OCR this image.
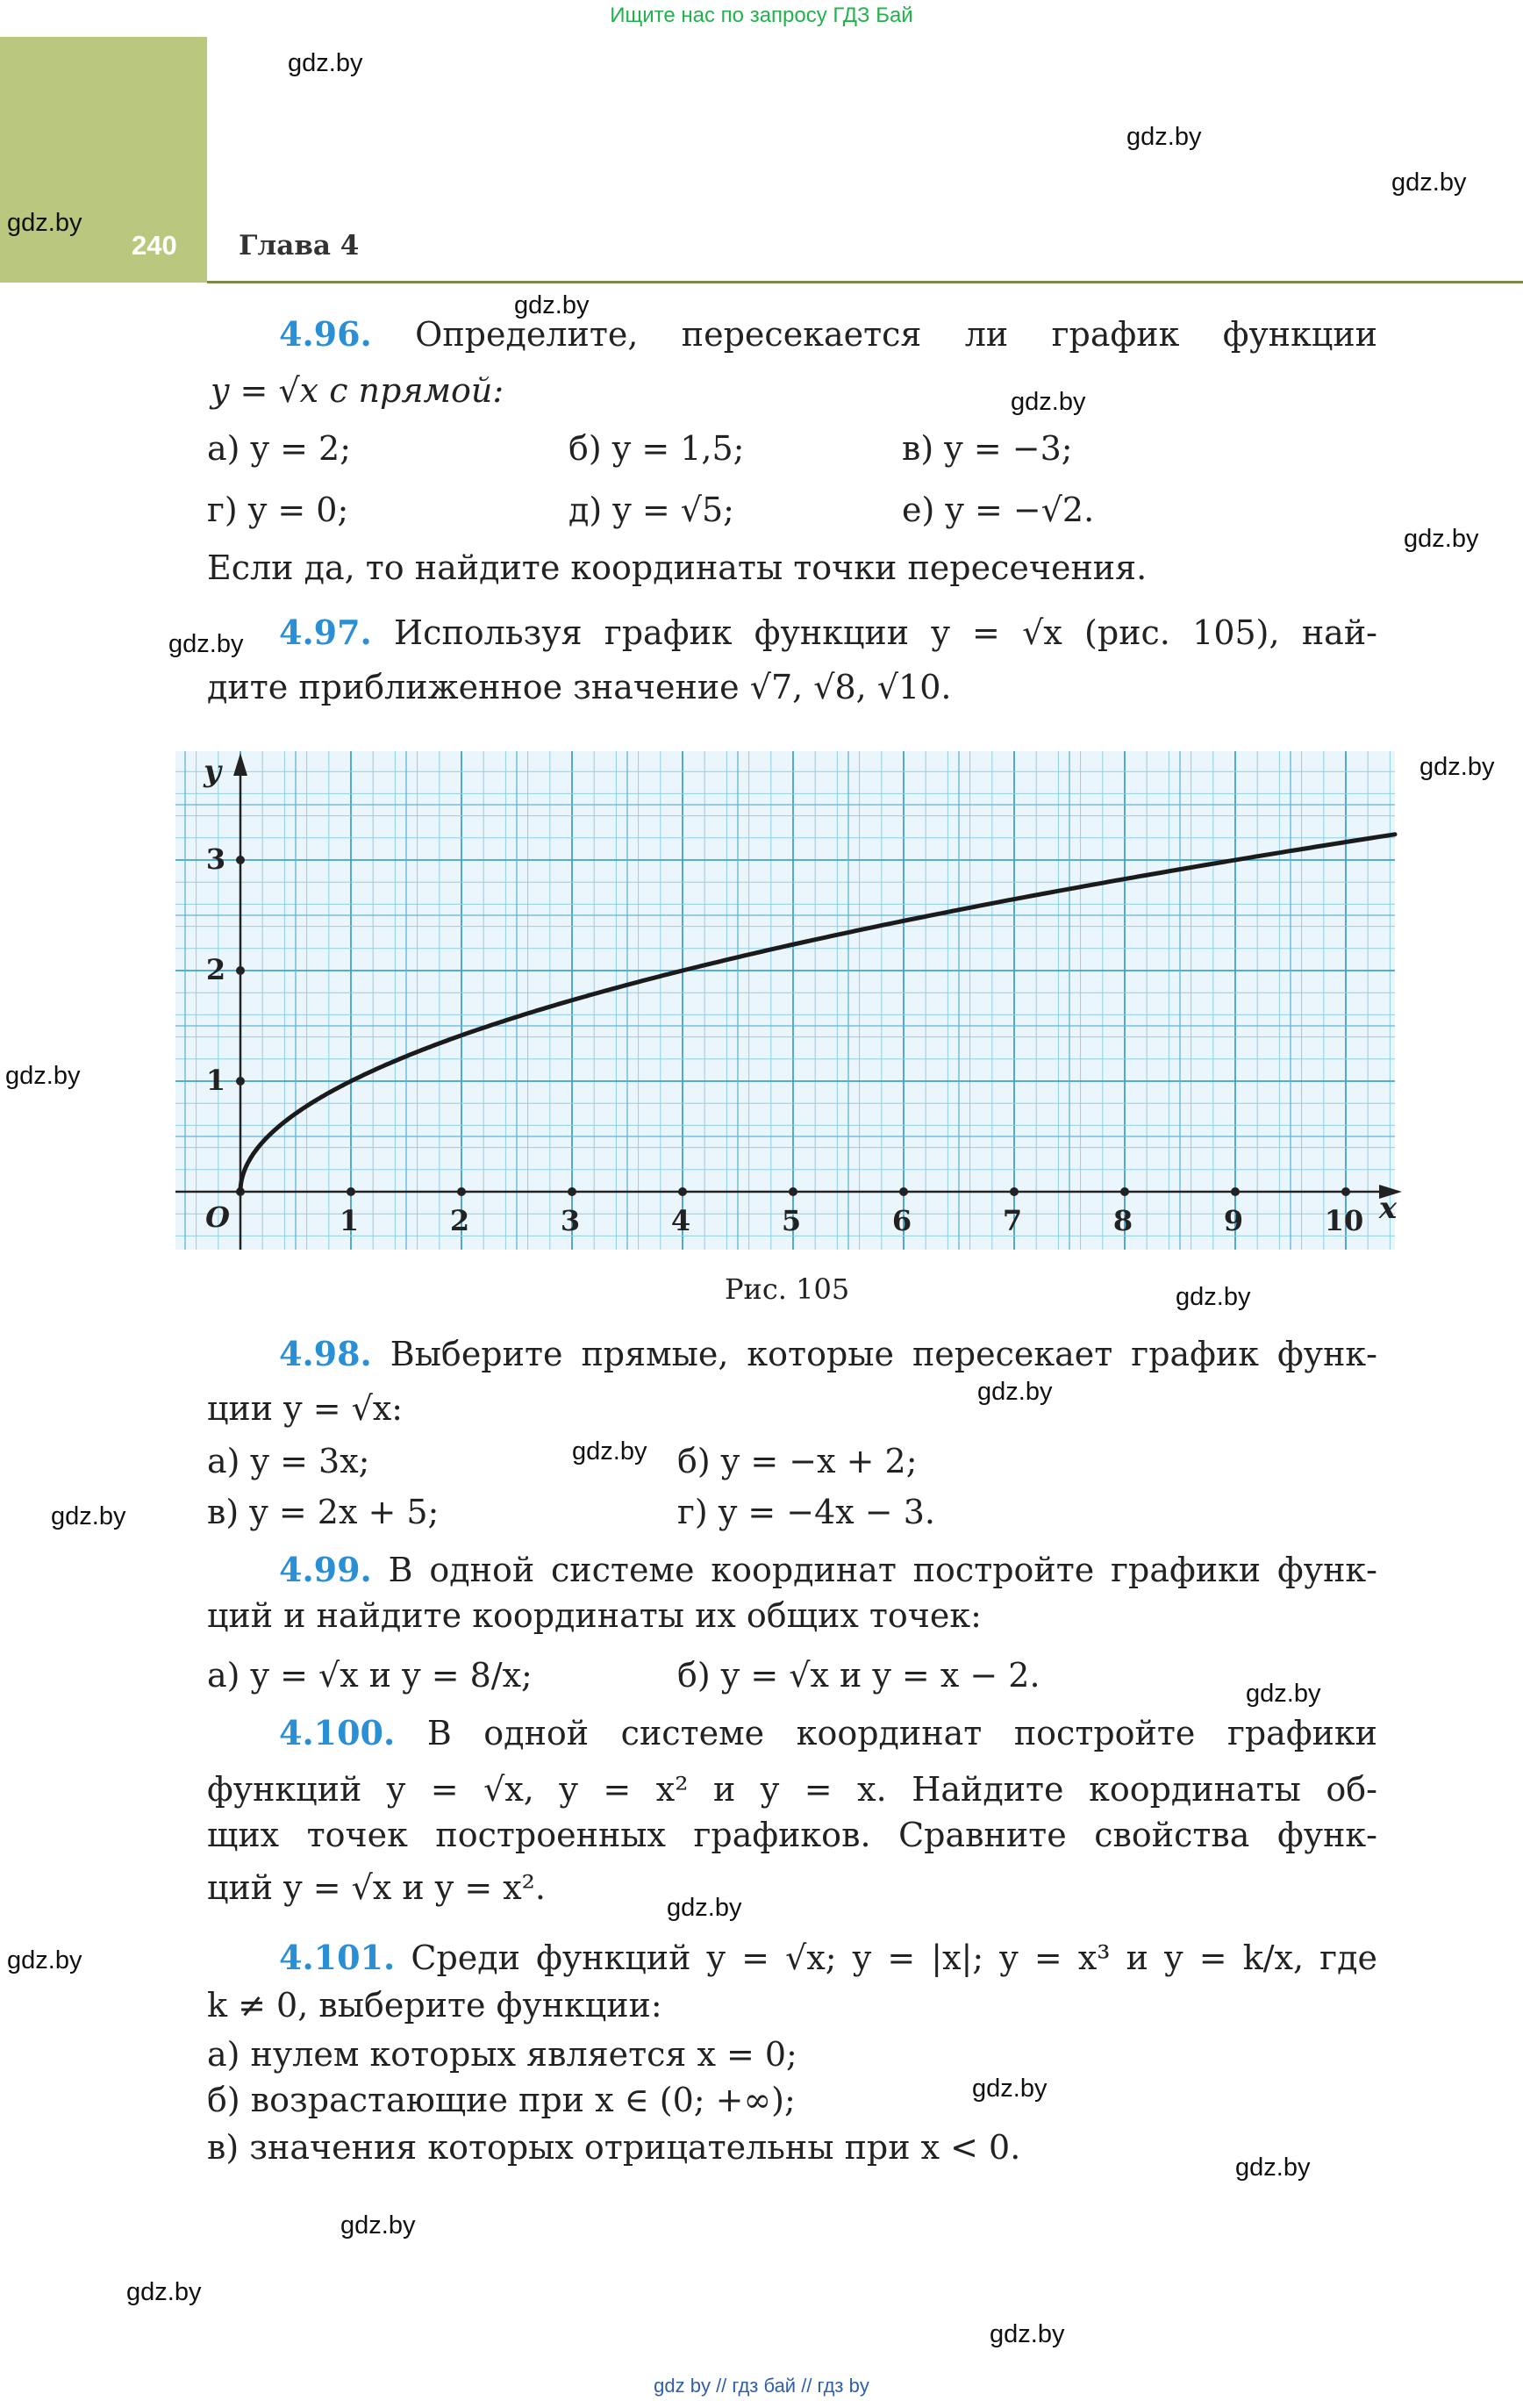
Ищите нас по запросу ГДЗ Бай
240 Глава 4
gdz.by
gdz.by
gdz.by
gdz.by
gdz.by
gdz.by
gdz.by
gdz.by
gdz.by
gdz.by
gdz.by
gdz.by
gdz.by
gdz.by
gdz.by
gdz.by
gdz.by
gdz.by
gdz.by
gdz.by
gdz.by
gdz.by
4.96. Определите, пересекается ли график функции
y = √x с прямой:
а) y = 2;	б) y = 1,5;	в) y = −3;
г) y = 0;	д) y = √5;	е) y = −√2.
Если да, то найдите координаты точки пересечения.
4.97. Используя график функции y = √x (рис. 105), най-
дите приближенное значение √7, √8, √10.
1	2	3	4	5	6	7	8	9	10
1
2
3
O	x
y
Рис. 105
4.98. Выберите прямые, которые пересекает график функ-
ции y = √x:
а) y = 3x;	б) y = −x + 2;
в) y = 2x + 5;	г) y = −4x − 3.
4.99. В одной системе координат постройте графики функ-
ций и найдите координаты их общих точек:
а) y = √x и y = 8/x;	б) y = √x и y = x − 2.
4.100. В одной системе координат постройте графики
функций y = √x, y = x² и y = x. Найдите координаты об-
щих точек построенных графиков. Сравните свойства функ-
ций y = √x и y = x².
4.101. Среди функций y = √x; y = |x|; y = x³ и y = k/x, где
k ≠ 0, выберите функции:
а) нулем которых является x = 0;
б) возрастающие при x ∈ (0; +∞);
в) значения которых отрицательны при x < 0.
gdz by // гдз бай // гдз by
